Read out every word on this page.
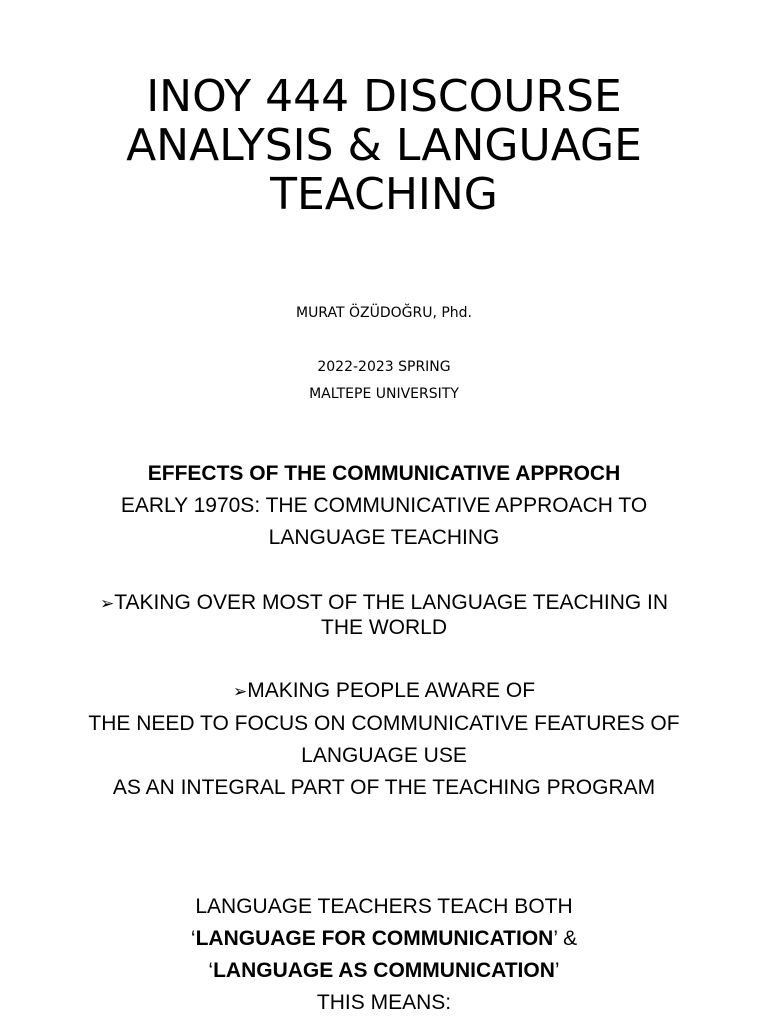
INOY 444 DISCOURSE
ANALYSIS & LANGUAGE
TEACHING
MURAT ÖZÜDOĞRU, Phd.
2022-2023 SPRING
MALTEPE UNIVERSITY
EFFECTS OF THE COMMUNICATIVE APPROCH
EARLY 1970S: THE COMMUNICATIVE APPROACH TO
LANGUAGE TEACHING
➢TAKING OVER MOST OF THE LANGUAGE TEACHING IN
THE WORLD
➢MAKING PEOPLE AWARE OF
THE NEED TO FOCUS ON COMMUNICATIVE FEATURES OF
LANGUAGE USE
AS AN INTEGRAL PART OF THE TEACHING PROGRAM
LANGUAGE TEACHERS TEACH BOTH
‘LANGUAGE FOR COMMUNICATION’ &
‘LANGUAGE AS COMMUNICATION’
THIS MEANS:
